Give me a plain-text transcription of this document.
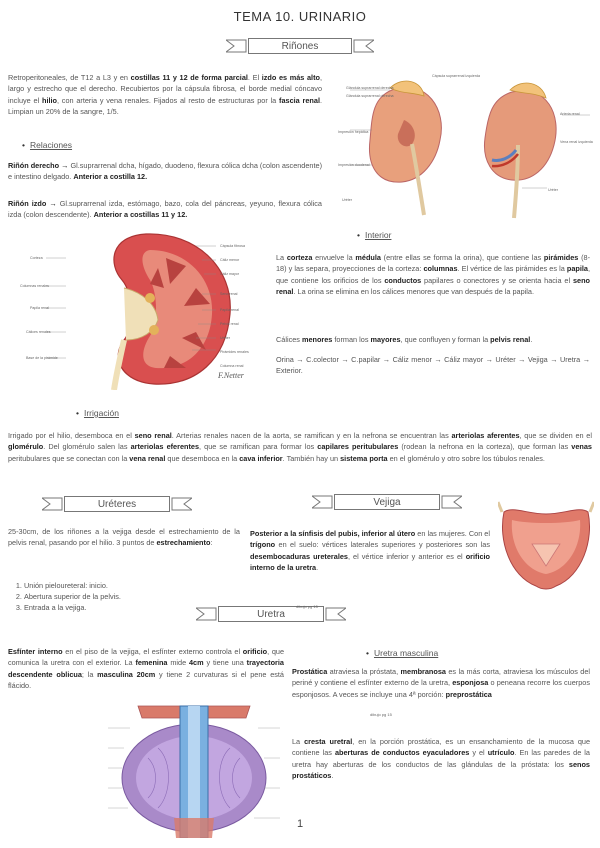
TEMA 10. URINARIO
Riñones
Retroperitoneales, de T12 a L3 y en costillas 11 y 12 de forma parcial. El izdo es más alto, largo y estrecho que el derecho. Recubiertos por la cápsula fibrosa, el borde medial cóncavo incluye el hilio, con arteria y vena renales. Fijados al resto de estructuras por la fascia renal. Limpian un 20% de la sangre, 1/5.
• Relaciones
Riñón derecho → Gl.suprarrenal dcha, hígado, duodeno, flexura cólica dcha (colon ascendente) e intestino delgado. Anterior a costilla 12.
Riñón izdo → Gl.suprarrenal izda, estómago, bazo, cola del páncreas, yeyuno, flexura cólica izda (colon descendente). Anterior a costillas 11 y 12.
Glándula suprarrenal derecha
Cápsula suprarrenal izquierda
Glándula suprarrenal derecha
Impresión hepática
Impresión duodenal
Arteria renal
Uréter
Uréter
Vena renal izquierda
F.Netter
Cápsula fibrosa
Cáliz menor
Cáliz mayor
Seno renal
Papila renal
Pelvis renal
Uréter
Pirámides renales
Columna renal
Corteza
Columnas renales
Papila renal
Cálices renales
Base de la pirámide
• Interior
La corteza envuelve la médula (entre ellas se forma la orina), que contiene las pirámides (8-18) y las separa, proyecciones de la corteza: columnas. El vértice de las pirámides es la papila, que contiene los orificios de los conductos papilares o conectores y se orienta hacia el seno renal. La orina se elimina en los cálices menores que van después de la papila.
Cálices menores forman los mayores, que confluyen y forman la pelvis renal.
Orina → C.colector → C.papilar → Cáliz menor → Cáliz mayor → Uréter → Vejiga → Uretra → Exterior.
• Irrigación
Irrigado por el hilio, desemboca en el seno renal. Arterias renales nacen de la aorta, se ramifican y en la nefrona se encuentran las arteriolas aferentes, que se dividen en el glomérulo. Del glomérulo salen las arteriolas eferentes, que se ramifican para formar los capilares peritubulares (rodean la nefrona en la corteza), que forman las venas peritubulares que se conectan con la vena renal que desemboca en la cava inferior. También hay un sistema porta en el glomérulo y otro sobre los túbulos renales.
Uréteres
25-30cm, de los riñones a la vejiga desde el estrechamiento de la pelvis renal, pasando por el hilio. 3 puntos de estrechamiento:
1. Unión pieloureteral: inicio.
2. Abertura superior de la pelvis.
3. Entrada a la vejiga.
Vejiga
Posterior a la sínfisis del pubis, inferior al útero en las mujeres. Con el trígono en el suelo: vértices laterales superiores y posteriores son las desembocaduras ureterales, el vértice inferior y anterior es el orificio interno de la uretra.
Uretra
dibujo pg 15
Esfínter interno en el piso de la vejiga, el esfínter externo controla el orificio, que comunica la uretra con el exterior. La femenina mide 4cm y tiene una trayectoria descendente oblicua; la masculina 20cm y tiene 2 curvaturas si el pene está flácido.
• Uretra masculina
Prostática atraviesa la próstata, membranosa es la más corta, atraviesa los músculos del periné y contiene el esfínter externo de la uretra, esponjosa o peneana recorre los cuerpos esponjosos. A veces se incluye una 4ª porción: preprostática
dibujo pg 15
La cresta uretral, en la porción prostática, es un ensanchamiento de la mucosa que contiene las aberturas de conductos eyaculadores y el utrículo. En las paredes de la uretra hay aberturas de los conductos de las glándulas de la próstata: los senos prostáticos.
1
